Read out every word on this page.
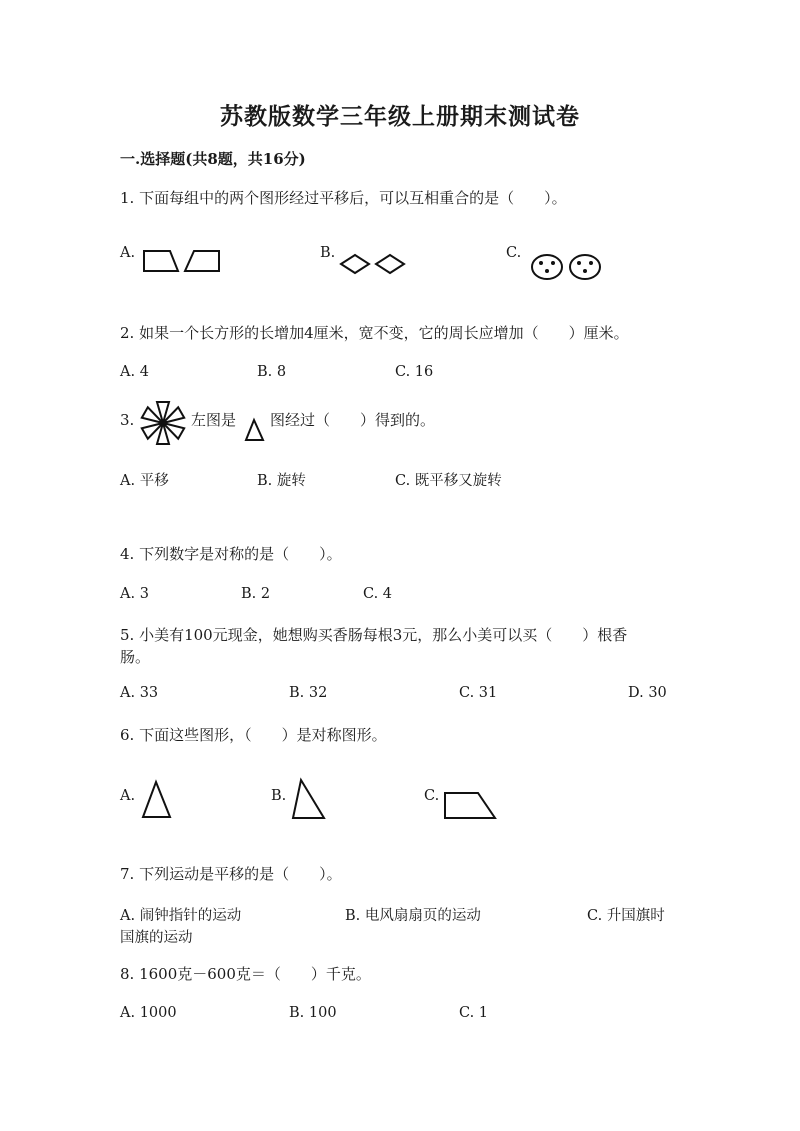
苏教版数学三年级上册期末测试卷
一.选择题(共8题，共16分)
1. 下面每组中的两个图形经过平移后，可以互相重合的是（　　）。
A.	B.	C.
2. 如果一个长方形的长增加4厘米，宽不变，它的周长应增加（　　）厘米。
A. 4	B. 8	C. 16
3.	左图是 图经过（　　）得到的。
A. 平移	B. 旋转	C. 既平移又旋转
4. 下列数字是对称的是（　　）。
A. 3	B. 2	C. 4
5. 小美有100元现金，她想购买香肠每根3元，那么小美可以买（　　）根香
肠。
A. 33	B. 32	C. 31	D. 30
6. 下面这些图形，（　　）是对称图形。
A.	B.	C.
7. 下列运动是平移的是（　　）。
A. 闹钟指针的运动	B. 电风扇扇页的运动	C. 升国旗时
国旗的运动
8. 1600克－600克＝（　　）千克。
A. 1000	B. 100	C. 1
